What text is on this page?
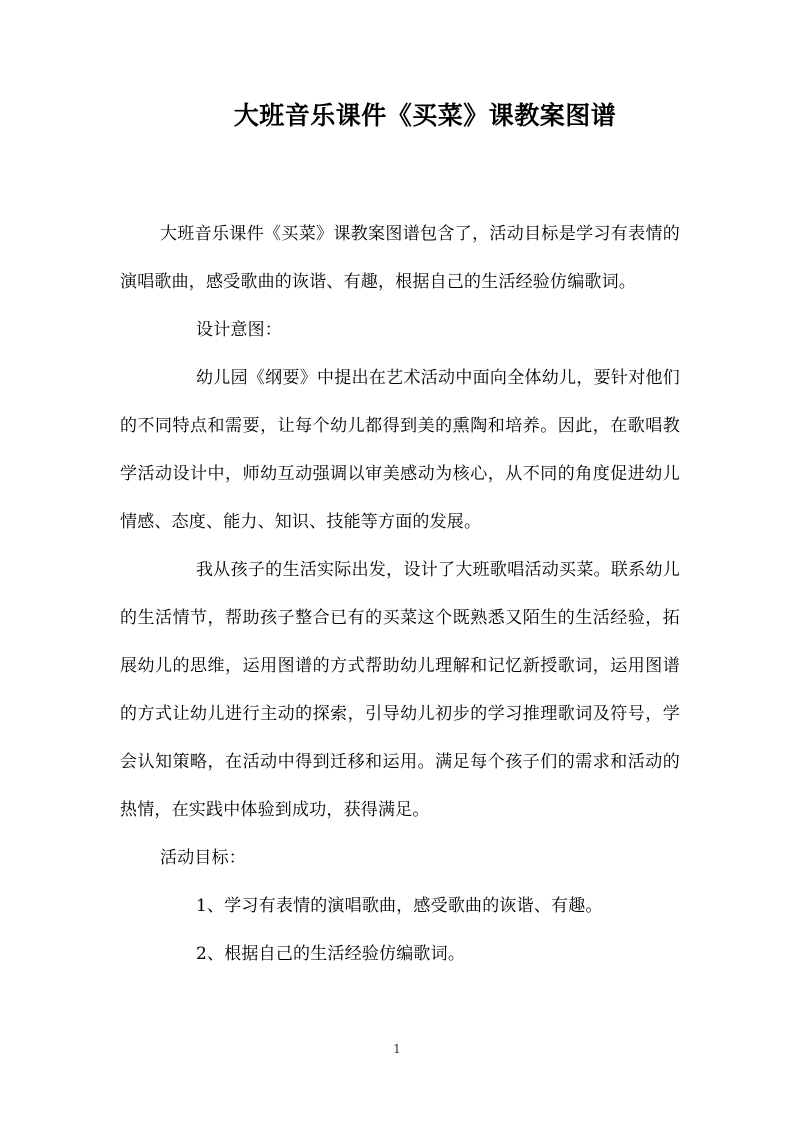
大班音乐课件《买菜》课教案图谱

大班音乐课件《买菜》课教案图谱包含了，活动目标是学习有表情的演唱歌曲，感受歌曲的诙谐、有趣，根据自己的生活经验仿编歌词。

设计意图：

幼儿园《纲要》中提出在艺术活动中面向全体幼儿，要针对他们的不同特点和需要，让每个幼儿都得到美的熏陶和培养。因此，在歌唱教学活动设计中，师幼互动强调以审美感动为核心，从不同的角度促进幼儿情感、态度、能力、知识、技能等方面的发展。

我从孩子的生活实际出发，设计了大班歌唱活动买菜。联系幼儿的生活情节，帮助孩子整合已有的买菜这个既熟悉又陌生的生活经验，拓展幼儿的思维，运用图谱的方式帮助幼儿理解和记忆新授歌词，运用图谱的方式让幼儿进行主动的探索，引导幼儿初步的学习推理歌词及符号，学会认知策略，在活动中得到迁移和运用。满足每个孩子们的需求和活动的热情，在实践中体验到成功，获得满足。

活动目标：

1、学习有表情的演唱歌曲，感受歌曲的诙谐、有趣。

2、根据自己的生活经验仿编歌词。

1
